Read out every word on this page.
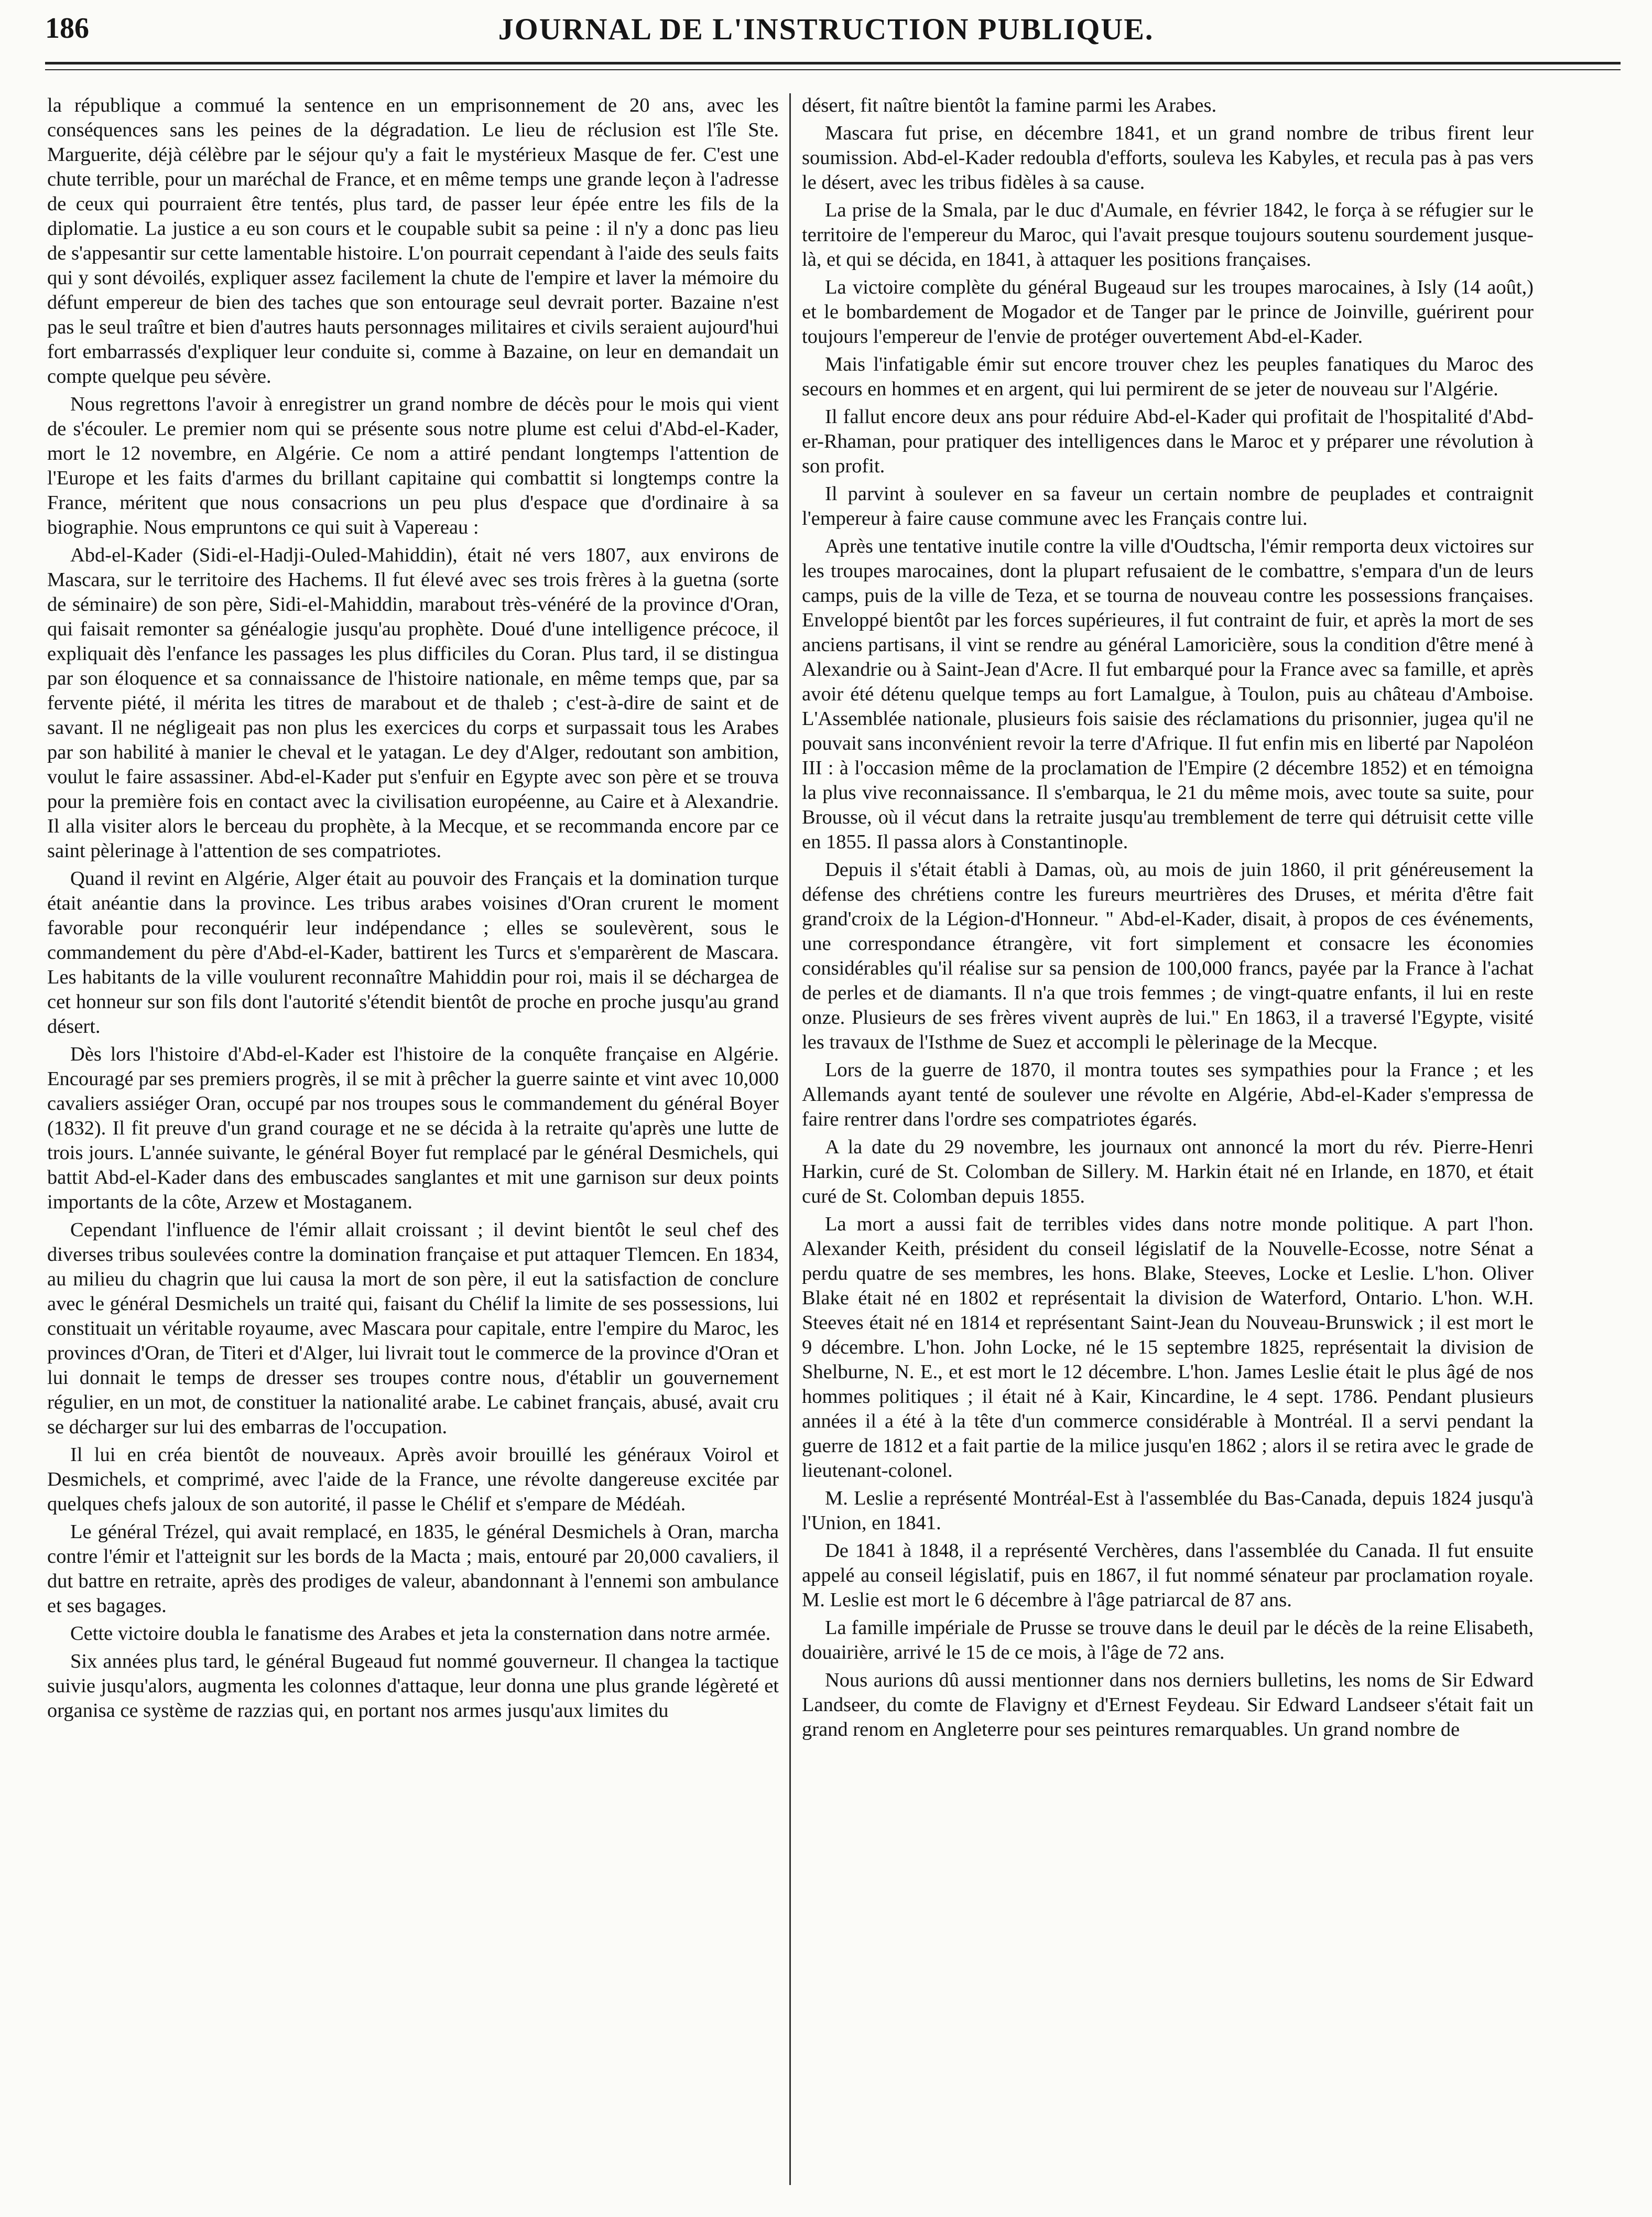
186	JOURNAL DE L'INSTRUCTION PUBLIQUE.

la république a commué la sentence en un emprisonnement de 20 ans, avec les conséquences sans les peines de la dégradation. Le lieu de réclusion est l'île Ste. Marguerite, déjà célèbre par le séjour qu'y a fait le mystérieux Masque de fer. C'est une chute terrible, pour un maréchal de France, et en même temps une grande leçon à l'adresse de ceux qui pourraient être tentés, plus tard, de passer leur épée entre les fils de la diplomatie. La justice a eu son cours et le coupable subit sa peine : il n'y a donc pas lieu de s'appesantir sur cette lamentable histoire. L'on pourrait cependant à l'aide des seuls faits qui y sont dévoilés, expliquer assez facilement la chute de l'empire et laver la mémoire du défunt empereur de bien des taches que son entourage seul devrait porter. Bazaine n'est pas le seul traître et bien d'autres hauts personnages militaires et civils seraient aujourd'hui fort embarrassés d'expliquer leur conduite si, comme à Bazaine, on leur en demandait un compte quelque peu sévère.

Nous regrettons l'avoir à enregistrer un grand nombre de décès pour le mois qui vient de s'écouler. Le premier nom qui se présente sous notre plume est celui d'Abd-el-Kader, mort le 12 novembre, en Algérie. Ce nom a attiré pendant longtemps l'attention de l'Europe et les faits d'armes du brillant capitaine qui combattit si longtemps contre la France, méritent que nous consacrions un peu plus d'espace que d'ordinaire à sa biographie. Nous empruntons ce qui suit à Vapereau :

Abd-el-Kader (Sidi-el-Hadji-Ouled-Mahiddin), était né vers 1807, aux environs de Mascara, sur le territoire des Hachems. Il fut élevé avec ses trois frères à la guetna (sorte de séminaire) de son père, Sidi-el-Mahiddin, marabout très-vénéré de la province d'Oran, qui faisait remonter sa généalogie jusqu'au prophète. Doué d'une intelligence précoce, il expliquait dès l'enfance les passages les plus difficiles du Coran. Plus tard, il se distingua par son éloquence et sa connaissance de l'histoire nationale, en même temps que, par sa fervente piété, il mérita les titres de marabout et de thaleb ; c'est-à-dire de saint et de savant. Il ne négligeait pas non plus les exercices du corps et surpassait tous les Arabes par son habilité à manier le cheval et le yatagan. Le dey d'Alger, redoutant son ambition, voulut le faire assassiner. Abd-el-Kader put s'enfuir en Egypte avec son père et se trouva pour la première fois en contact avec la civilisation européenne, au Caire et à Alexandrie. Il alla visiter alors le berceau du prophète, à la Mecque, et se recommanda encore par ce saint pèlerinage à l'attention de ses compatriotes.

Quand il revint en Algérie, Alger était au pouvoir des Français et la domination turque était anéantie dans la province. Les tribus arabes voisines d'Oran crurent le moment favorable pour reconquérir leur indépendance ; elles se soulevèrent, sous le commandement du père d'Abd-el-Kader, battirent les Turcs et s'emparèrent de Mascara. Les habitants de la ville voulurent reconnaître Mahiddin pour roi, mais il se déchargea de cet honneur sur son fils dont l'autorité s'étendit bientôt de proche en proche jusqu'au grand désert.

Dès lors l'histoire d'Abd-el-Kader est l'histoire de la conquête française en Algérie. Encouragé par ses premiers progrès, il se mit à prêcher la guerre sainte et vint avec 10,000 cavaliers assiéger Oran, occupé par nos troupes sous le commandement du général Boyer (1832). Il fit preuve d'un grand courage et ne se décida à la retraite qu'après une lutte de trois jours. L'année suivante, le général Boyer fut remplacé par le général Desmichels, qui battit Abd-el-Kader dans des embuscades sanglantes et mit une garnison sur deux points importants de la côte, Arzew et Mostaganem.

Cependant l'influence de l'émir allait croissant ; il devint bientôt le seul chef des diverses tribus soulevées contre la domination française et put attaquer Tlemcen. En 1834, au milieu du chagrin que lui causa la mort de son père, il eut la satisfaction de conclure avec le général Desmichels un traité qui, faisant du Chélif la limite de ses possessions, lui constituait un véritable royaume, avec Mascara pour capitale, entre l'empire du Maroc, les provinces d'Oran, de Titeri et d'Alger, lui livrait tout le commerce de la province d'Oran et lui donnait le temps de dresser ses troupes contre nous, d'établir un gouvernement régulier, en un mot, de constituer la nationalité arabe. Le cabinet français, abusé, avait cru se décharger sur lui des embarras de l'occupation.

Il lui en créa bientôt de nouveaux. Après avoir brouillé les généraux Voirol et Desmichels, et comprimé, avec l'aide de la France, une révolte dangereuse excitée par quelques chefs jaloux de son autorité, il passe le Chélif et s'empare de Médéah.

Le général Trézel, qui avait remplacé, en 1835, le général Desmichels à Oran, marcha contre l'émir et l'atteignit sur les bords de la Macta ; mais, entouré par 20,000 cavaliers, il dut battre en retraite, après des prodiges de valeur, abandonnant à l'ennemi son ambulance et ses bagages.

Cette victoire doubla le fanatisme des Arabes et jeta la consternation dans notre armée.

Six années plus tard, le général Bugeaud fut nommé gouverneur. Il changea la tactique suivie jusqu'alors, augmenta les colonnes d'attaque, leur donna une plus grande légèreté et organisa ce système de razzias qui, en portant nos armes jusqu'aux limites du

désert, fit naître bientôt la famine parmi les Arabes.

Mascara fut prise, en décembre 1841, et un grand nombre de tribus firent leur soumission. Abd-el-Kader redoubla d'efforts, souleva les Kabyles, et recula pas à pas vers le désert, avec les tribus fidèles à sa cause.

La prise de la Smala, par le duc d'Aumale, en février 1842, le força à se réfugier sur le territoire de l'empereur du Maroc, qui l'avait presque toujours soutenu sourdement jusque-là, et qui se décida, en 1841, à attaquer les positions françaises.

La victoire complète du général Bugeaud sur les troupes marocaines, à Isly (14 août,) et le bombardement de Mogador et de Tanger par le prince de Joinville, guérirent pour toujours l'empereur de l'envie de protéger ouvertement Abd-el-Kader.

Mais l'infatigable émir sut encore trouver chez les peuples fanatiques du Maroc des secours en hommes et en argent, qui lui permirent de se jeter de nouveau sur l'Algérie.

Il fallut encore deux ans pour réduire Abd-el-Kader qui profitait de l'hospitalité d'Abd-er-Rhaman, pour pratiquer des intelligences dans le Maroc et y préparer une révolution à son profit.

Il parvint à soulever en sa faveur un certain nombre de peuplades et contraignit l'empereur à faire cause commune avec les Français contre lui.

Après une tentative inutile contre la ville d'Oudtscha, l'émir remporta deux victoires sur les troupes marocaines, dont la plupart refusaient de le combattre, s'empara d'un de leurs camps, puis de la ville de Teza, et se tourna de nouveau contre les possessions françaises. Enveloppé bientôt par les forces supérieures, il fut contraint de fuir, et après la mort de ses anciens partisans, il vint se rendre au général Lamoricière, sous la condition d'être mené à Alexandrie ou à Saint-Jean d'Acre. Il fut embarqué pour la France avec sa famille, et après avoir été détenu quelque temps au fort Lamalgue, à Toulon, puis au château d'Amboise. L'Assemblée nationale, plusieurs fois saisie des réclamations du prisonnier, jugea qu'il ne pouvait sans inconvénient revoir la terre d'Afrique. Il fut enfin mis en liberté par Napoléon III : à l'occasion même de la proclamation de l'Empire (2 décembre 1852) et en témoigna la plus vive reconnaissance. Il s'embarqua, le 21 du même mois, avec toute sa suite, pour Brousse, où il vécut dans la retraite jusqu'au tremblement de terre qui détruisit cette ville en 1855. Il passa alors à Constantinople.

Depuis il s'était établi à Damas, où, au mois de juin 1860, il prit généreusement la défense des chrétiens contre les fureurs meurtrières des Druses, et mérita d'être fait grand'croix de la Légion-d'Honneur. " Abd-el-Kader, disait, à propos de ces événements, une correspondance étrangère, vit fort simplement et consacre les économies considérables qu'il réalise sur sa pension de 100,000 francs, payée par la France à l'achat de perles et de diamants. Il n'a que trois femmes ; de vingt-quatre enfants, il lui en reste onze. Plusieurs de ses frères vivent auprès de lui." En 1863, il a traversé l'Egypte, visité les travaux de l'Isthme de Suez et accompli le pèlerinage de la Mecque.

Lors de la guerre de 1870, il montra toutes ses sympathies pour la France ; et les Allemands ayant tenté de soulever une révolte en Algérie, Abd-el-Kader s'empressa de faire rentrer dans l'ordre ses compatriotes égarés.

A la date du 29 novembre, les journaux ont annoncé la mort du rév. Pierre-Henri Harkin, curé de St. Colomban de Sillery. M. Harkin était né en Irlande, en 1870, et était curé de St. Colomban depuis 1855.

La mort a aussi fait de terribles vides dans notre monde politique. A part l'hon. Alexander Keith, président du conseil législatif de la Nouvelle-Ecosse, notre Sénat a perdu quatre de ses membres, les hons. Blake, Steeves, Locke et Leslie. L'hon. Oliver Blake était né en 1802 et représentait la division de Waterford, Ontario. L'hon. W.H. Steeves était né en 1814 et représentant Saint-Jean du Nouveau-Brunswick ; il est mort le 9 décembre. L'hon. John Locke, né le 15 septembre 1825, représentait la division de Shelburne, N. E., et est mort le 12 décembre. L'hon. James Leslie était le plus âgé de nos hommes politiques ; il était né à Kair, Kincardine, le 4 sept. 1786. Pendant plusieurs années il a été à la tête d'un commerce considérable à Montréal. Il a servi pendant la guerre de 1812 et a fait partie de la milice jusqu'en 1862 ; alors il se retira avec le grade de lieutenant-colonel.

M. Leslie a représenté Montréal-Est à l'assemblée du Bas-Canada, depuis 1824 jusqu'à l'Union, en 1841.

De 1841 à 1848, il a représenté Verchères, dans l'assemblée du Canada. Il fut ensuite appelé au conseil législatif, puis en 1867, il fut nommé sénateur par proclamation royale. M. Leslie est mort le 6 décembre à l'âge patriarcal de 87 ans.

La famille impériale de Prusse se trouve dans le deuil par le décès de la reine Elisabeth, douairière, arrivé le 15 de ce mois, à l'âge de 72 ans.

Nous aurions dû aussi mentionner dans nos derniers bulletins, les noms de Sir Edward Landseer, du comte de Flavigny et d'Ernest Feydeau. Sir Edward Landseer s'était fait un grand renom en Angleterre pour ses peintures remarquables. Un grand nombre de
